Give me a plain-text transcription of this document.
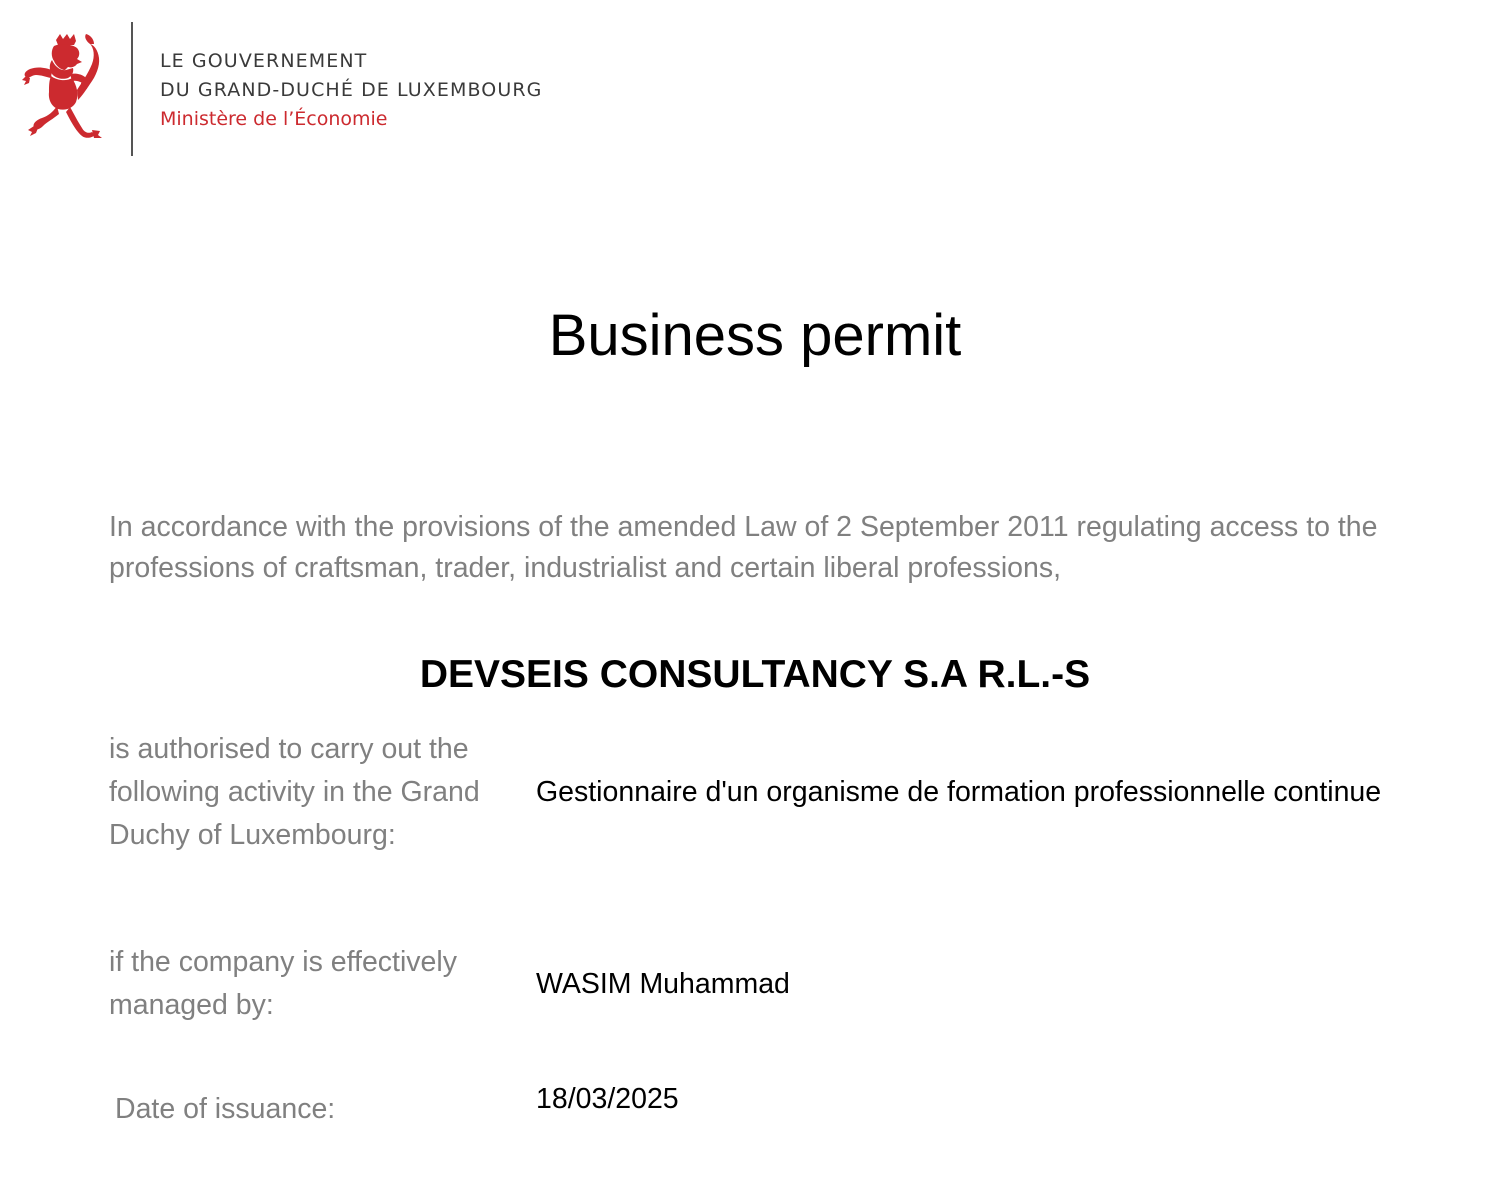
LE GOUVERNEMENT
DU GRAND-DUCHÉ DE LUXEMBOURG
Ministère de l’Économie
Business permit
In accordance with the provisions of the amended Law of 2 September 2011 regulating access to the professions of craftsman, trader, industrialist and certain liberal professions,
DEVSEIS CONSULTANCY S.A R.L.-S
is authorised to carry out the following activity in the Grand Duchy of Luxembourg:
Gestionnaire d'un organisme de formation professionnelle continue
if the company is effectively managed by:
WASIM Muhammad
Date of issuance:	18/03/2025
